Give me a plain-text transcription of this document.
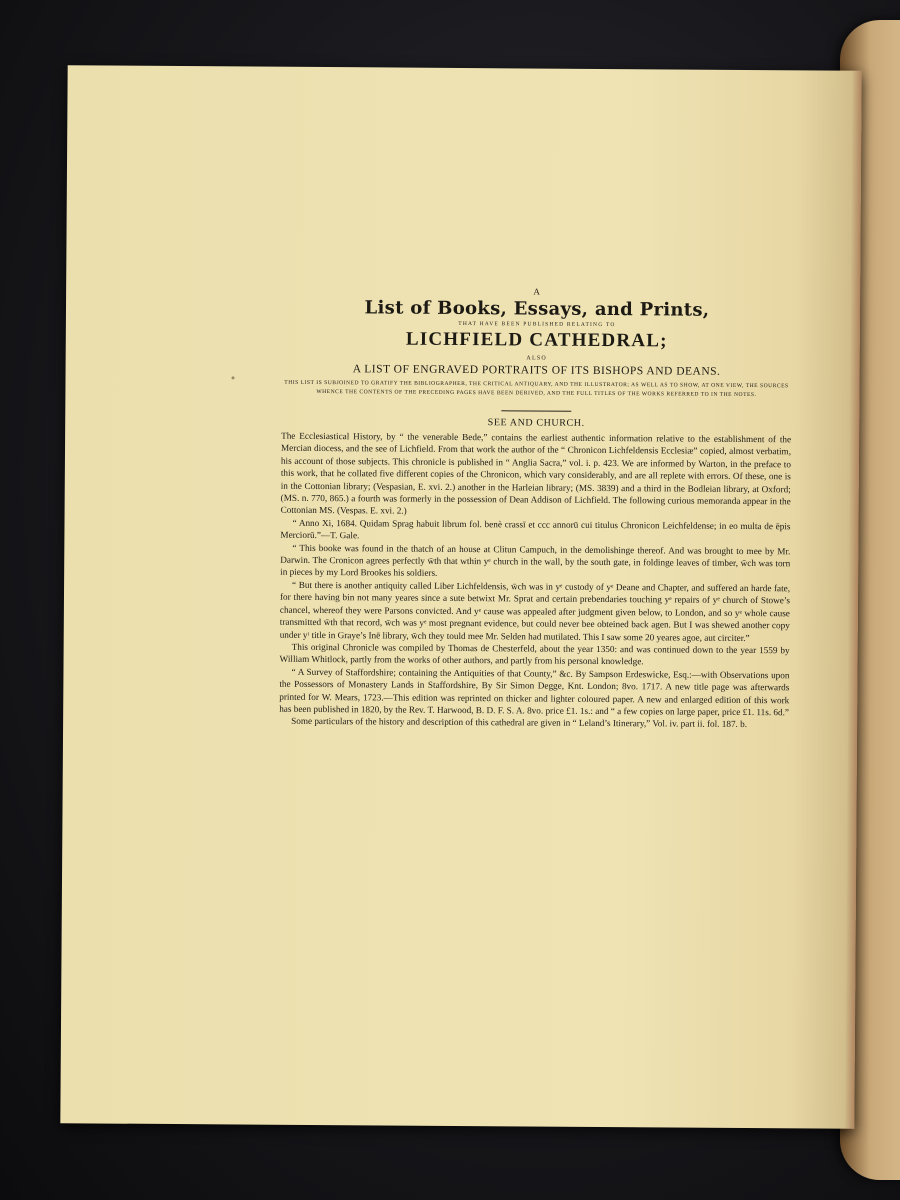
A
List of Books, Essays, and Prints,
THAT HAVE BEEN PUBLISHED RELATING TO
LICHFIELD CATHEDRAL;
ALSO
A LIST OF ENGRAVED PORTRAITS OF ITS BISHOPS AND DEANS.
THIS LIST IS SUBJOINED TO GRATIFY THE BIBLIOGRAPHER, THE CRITICAL ANTIQUARY, AND THE ILLUSTRATOR; AS WELL AS TO SHOW, AT ONE VIEW, THE SOURCES WHENCE THE CONTENTS OF THE PRECEDING PAGES HAVE BEEN DERIVED, AND THE FULL TITLES OF THE WORKS REFERRED TO IN THE NOTES.
SEE AND CHURCH.

The Ecclesiastical History, by “ the venerable Bede,” contains the earliest authentic information relative to the establishment of the Mercian diocess, and the see of Lichfield. From that work the author of the “ Chronicon Lichfeldensis Ecclesiæ” copied, almost verbatim, his account of those subjects. This chronicle is published in “ Anglia Sacra,” vol. i. p. 423. We are informed by Warton, in the preface to this work, that he collated five different copies of the Chronicon, which vary considerably, and are all replete with errors. Of these, one is in the Cottonian library; (Vespasian, E. xvi. 2.) another in the Harleian library; (MS. 3839) and a third in the Bodleian library, at Oxford; (MS. n. 770, 865.) a fourth was formerly in the possession of Dean Addison of Lichfield. The following curious memoranda appear in the Cottonian MS. (Vespas. E. xvi. 2.)

“ Anno Xi, 1684. Quidam Sprag habuit librum fol. benè crassī et ccc annorū cui titulus Chronicon Leichfeldense; in eo multa de ēpis Merciorū.”—T. Gale.

“ This booke was found in the thatch of an house at Clitun Campuch, in the demolishinge thereof. And was brought to mee by Mr. Darwin. The Cronicon agrees perfectly w̄th that wthin yᵉ church in the wall, by the south gate, in foldinge leaves of timber, w̄ch was torn in pieces by my Lord Brookes his soldiers.

“ But there is another antiquity called Liber Lichfeldensis, w̄ch was in yᵉ custody of yᵉ Deane and Chapter, and suffered an harde fate, for there having bin not many yeares since a sute betwixt Mr. Sprat and certain prebendaries touching yᵉ repairs of yᵉ church of Stowe’s chancel, whereof they were Parsons convicted. And yᵉ cause was appealed after judgment given below, to London, and so yᵉ whole cause transmitted w̄th that record, w̄ch was yᵉ most pregnant evidence, but could never bee obteined back agen. But I was shewed another copy under yᵗ title in Graye’s Inē library, w̄ch they tould mee Mr. Selden had mutilated. This I saw some 20 yeares agoe, aut circiter.”

This original Chronicle was compiled by Thomas de Chesterfeld, about the year 1350: and was continued down to the year 1559 by William Whitlock, partly from the works of other authors, and partly from his personal knowledge.

“ A Survey of Staffordshire; containing the Antiquities of that County,” &c. By Sampson Erdeswicke, Esq.:—with Observations upon the Possessors of Monastery Lands in Staffordshire, By Sir Simon Degge, Knt. London; 8vo. 1717. A new title page was afterwards printed for W. Mears, 1723.—This edition was reprinted on thicker and lighter coloured paper. A new and enlarged edition of this work has been published in 1820, by the Rev. T. Harwood, B. D. F. S. A. 8vo. price £1. 1s.: and “ a few copies on large paper, price £1. 11s. 6d.”

Some particulars of the history and description of this cathedral are given in “ Leland’s Itinerary,” Vol. iv. part ii. fol. 187. b.
